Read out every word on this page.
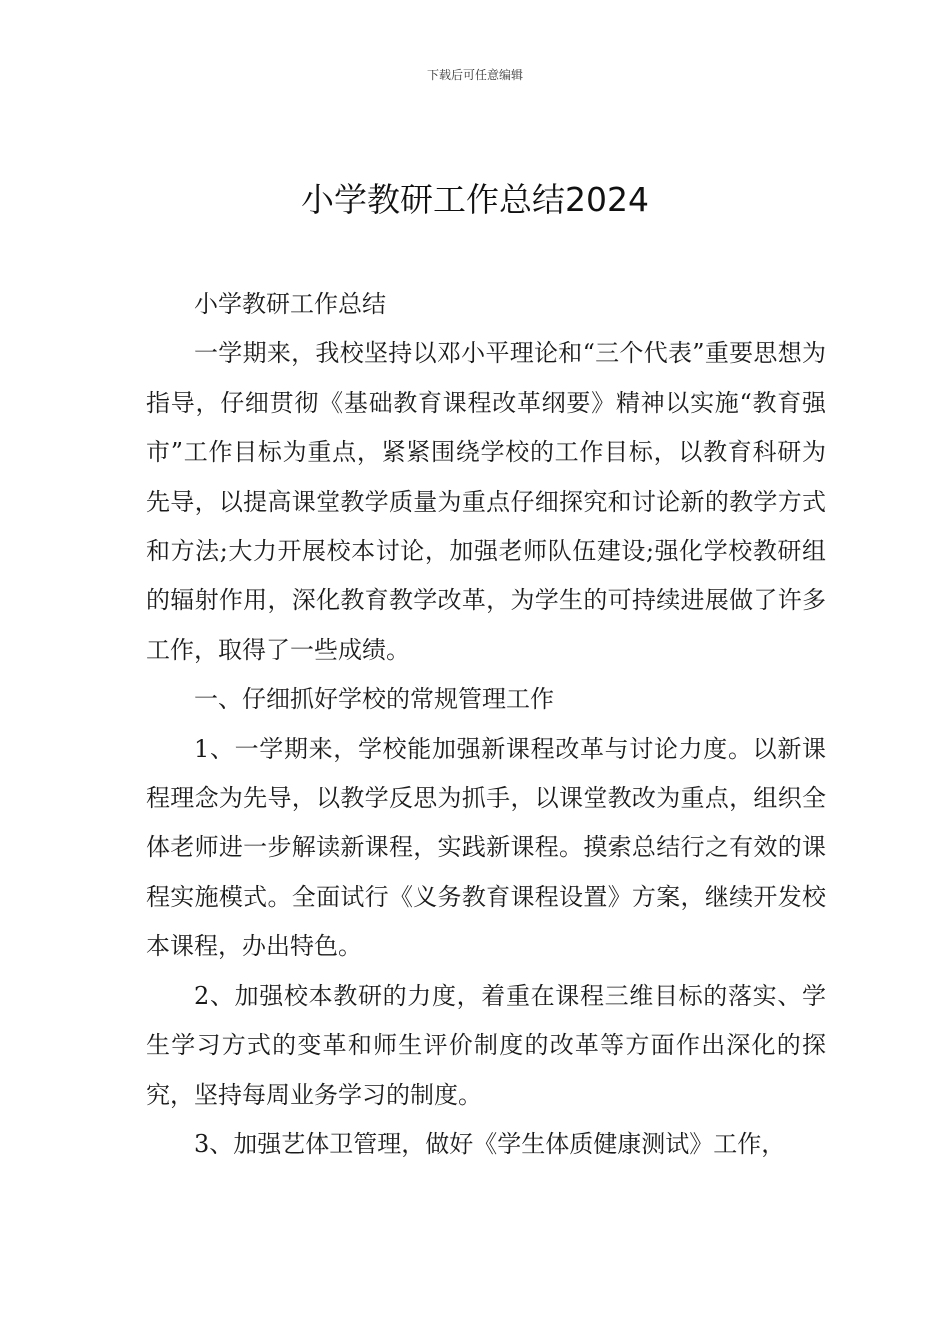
下载后可任意编辑
小学教研工作总结2024

小学教研工作总结

一学期来，我校坚持以邓小平理论和“三个代表”重要思想为指导，仔细贯彻《基础教育课程改革纲要》精神以实施“教育强市”工作目标为重点，紧紧围绕学校的工作目标，以教育科研为先导，以提高课堂教学质量为重点仔细探究和讨论新的教学方式和方法;大力开展校本讨论，加强老师队伍建设;强化学校教研组的辐射作用，深化教育教学改革，为学生的可持续进展做了许多工作，取得了一些成绩。

一、仔细抓好学校的常规管理工作

1、一学期来，学校能加强新课程改革与讨论力度。以新课程理念为先导，以教学反思为抓手，以课堂教改为重点，组织全体老师进一步解读新课程，实践新课程。摸索总结行之有效的课程实施模式。全面试行《义务教育课程设置》方案，继续开发校本课程，办出特色。

2、加强校本教研的力度，着重在课程三维目标的落实、学生学习方式的变革和师生评价制度的改革等方面作出深化的探究，坚持每周业务学习的制度。

3、加强艺体卫管理，做好《学生体质健康测试》工作，
